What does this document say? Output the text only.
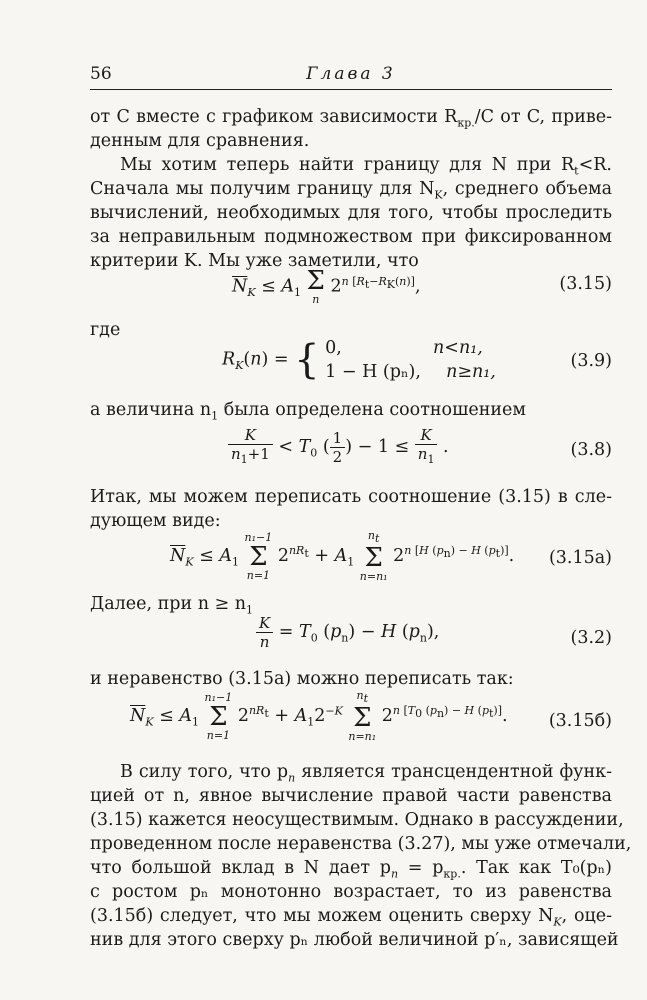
56	Глава 3
от C вместе с графиком зависимости $R_{кр.}/C$ от C, приве-
денным для сравнения.
Мы хотим теперь найти границу для N при $R_t<R$.
Сначала мы получим границу для $N_K$, среднего объема
вычислений, необходимых для того, чтобы проследить
за неправильным подмножеством при фиксированном
критерии K. Мы уже заметили, что
$\overline{N}_K \le A_1$ Σ
n
$2^{n [R_t-R_K(n)]}$,	(3.15)
где
$R_K(n)$ = { 0,	n<n₁,
1 − H (pₙ), n≥n₁,
(3.9)
а величина $n_1$ была определена соотношением
$\frac{K}{n_1+1} < T_0$ ( $\frac{1}{2}$ ) − $1 \le \frac{K}{n_1}$ .	(3.8)
Итак, мы можем переписать соотношение (3.15) в сле-
дующем виде:
$\overline{N}_K \le A_1$
n₁−1
Σ
n=1
$2^{nR_t} + A_1$
$n_t$
Σ
n=n₁
$2^{n [H (p_n) - H (p_t)]}$. (3.15а)
Далее, при $n \ge n_1$
$\frac{K}{n} = T_0$ $(p_n) - H$ $(p_n)$,	(3.2)
и неравенство (3.15а) можно переписать так:
$\overline{N}_K \le A_1$
n₁−1
Σ
n=1
$2^{nR_t} + A_12^{-K}$
$n_t$
Σ
n=n₁
$2^{n [T_0 (p_n) - H (p_t)]}$. (3.15б)
В силу того, что $p_n$ является трансцендентной функ-
цией от n, явное вычисление правой части равенства
(3.15) кажется неосуществимым. Однако в рассуждении,
проведенном после неравенства (3.27), мы уже отмечали,
что большой вклад в N дает $p_n = p_{кр.}$. Так как T₀(pₙ)
с ростом pₙ монотонно возрастает, то из равенства
(3.15б) следует, что мы можем оценить сверху $N_K$, оце-
нив для этого сверху pₙ любой величиной p′ₙ, зависящей
